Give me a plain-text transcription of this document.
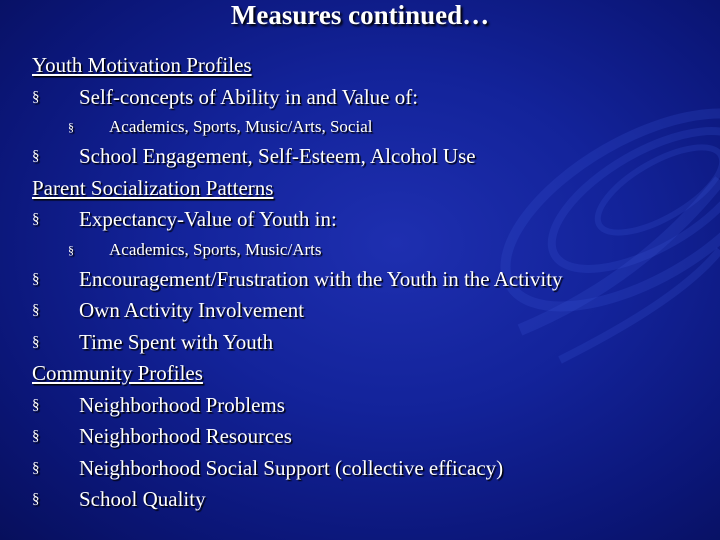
Measures continued…
Youth Motivation Profiles
§ Self-concepts of Ability in and Value of:
§ Academics, Sports, Music/Arts, Social
§ School Engagement, Self-Esteem, Alcohol Use
Parent Socialization Patterns
§ Expectancy-Value of Youth in:
§ Academics, Sports, Music/Arts
§ Encouragement/Frustration with the Youth in the Activity
§ Own Activity Involvement
§ Time Spent with Youth
Community Profiles
§ Neighborhood Problems
§ Neighborhood Resources
§ Neighborhood Social Support (collective efficacy)
§ School Quality
